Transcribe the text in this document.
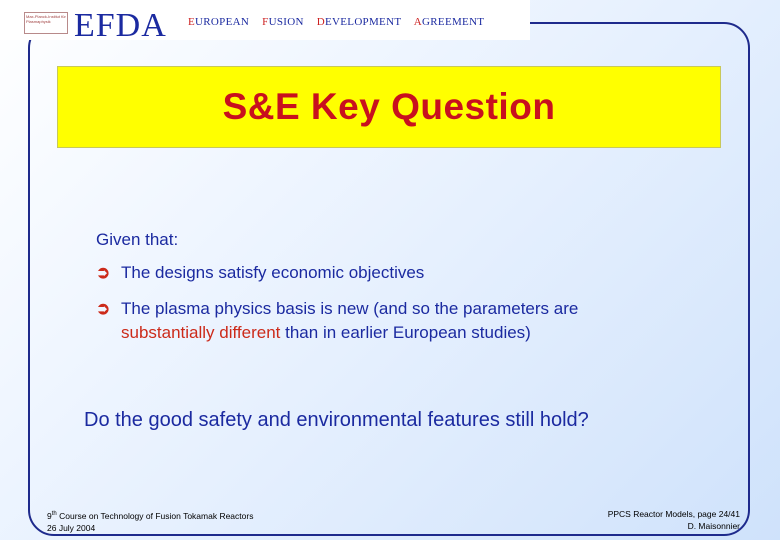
Max-Planck-Institut für Plasmaphysik EFDA EUROPEAN FUSION DEVELOPMENT AGREEMENT
S&E Key Question
Given that:
➲ The designs satisfy economic objectives
➲ The plasma physics basis is new (and so the parameters are
substantially different than in earlier European studies)
Do the good safety and environmental features still hold?
9th Course on Technology of Fusion Tokamak Reactors
26 July 2004
PPCS Reactor Models, page 24/41
D. Maisonnier
